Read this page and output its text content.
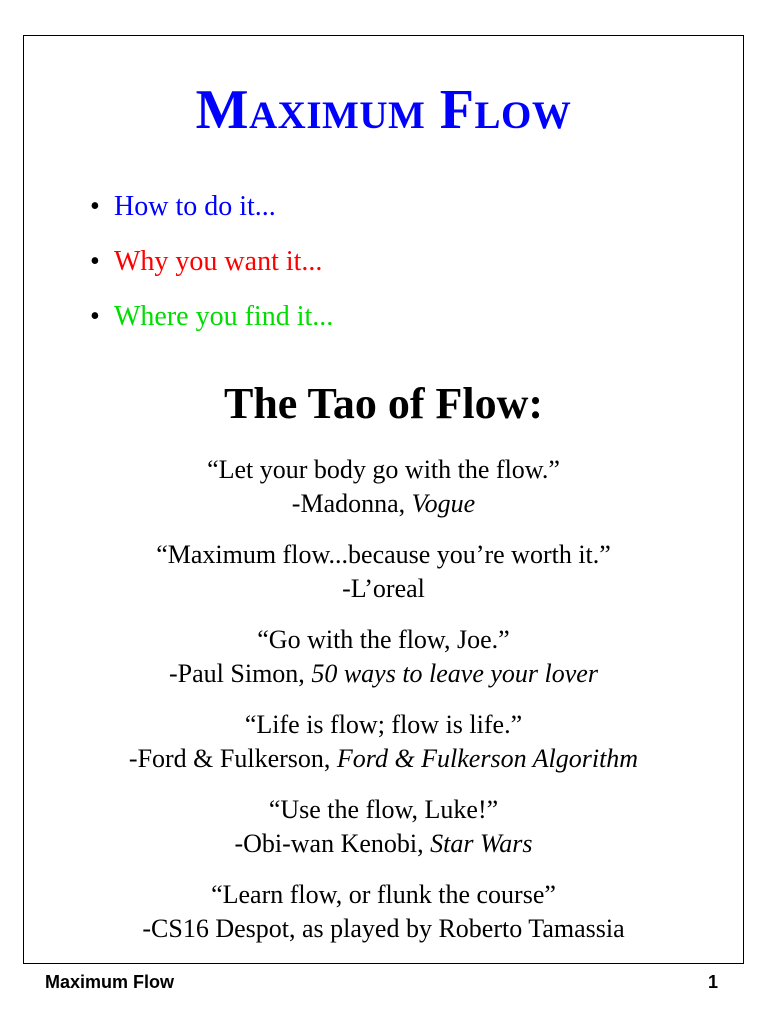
Maximum Flow
• How to do it...
• Why you want it...
• Where you find it...
The Tao of Flow:
“Let your body go with the flow.”
-Madonna, Vogue
“Maximum flow...because you’re worth it.”
-L’oreal
“Go with the flow, Joe.”
-Paul Simon, 50 ways to leave your lover
“Life is flow; flow is life.”
-Ford & Fulkerson, Ford & Fulkerson Algorithm
“Use the flow, Luke!”
-Obi-wan Kenobi, Star Wars
“Learn flow, or flunk the course”
-CS16 Despot, as played by Roberto Tamassia
Maximum Flow	1
